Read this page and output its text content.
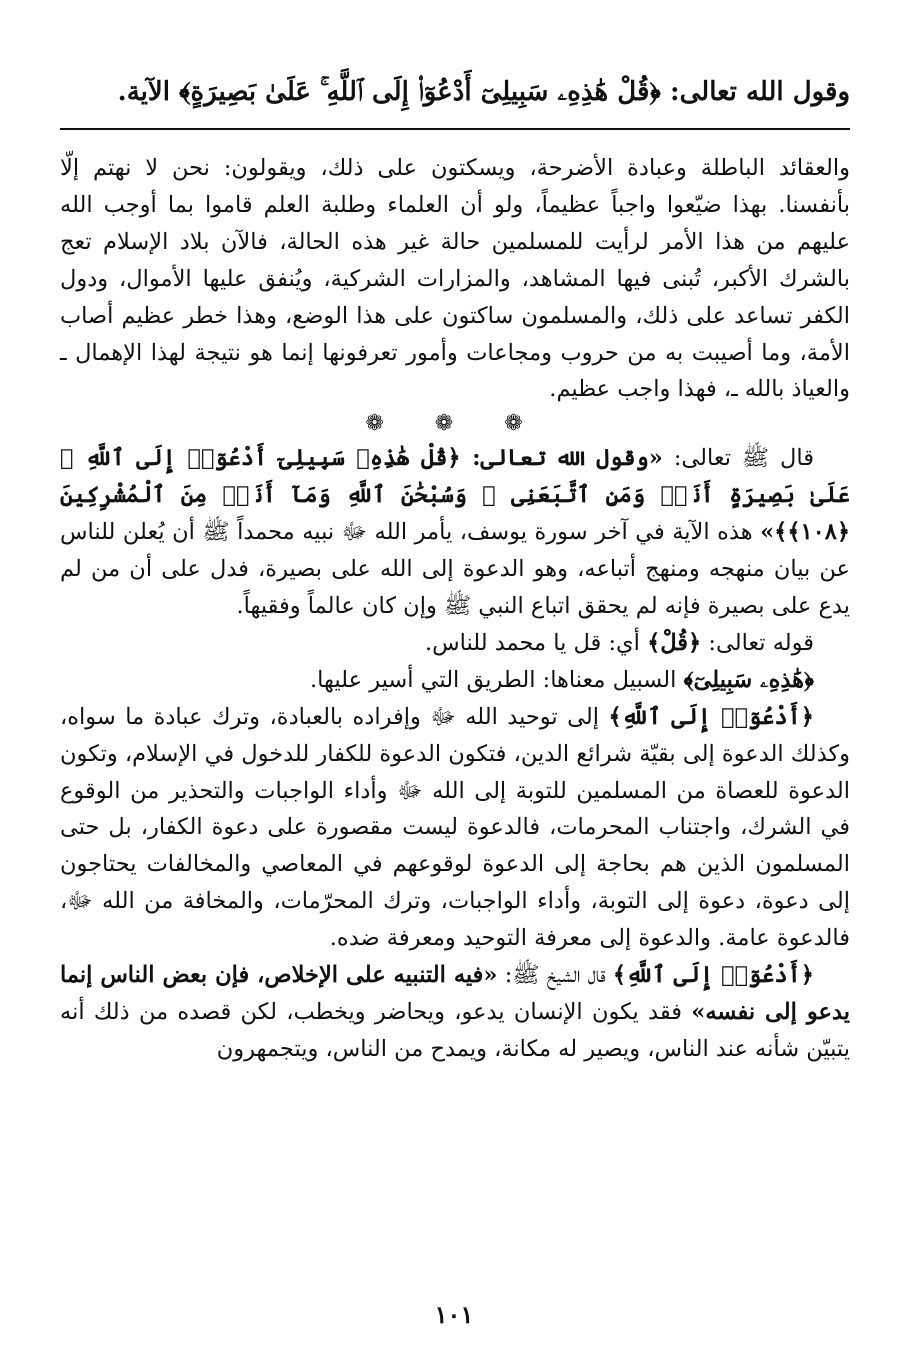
وقول الله تعالى: ﴿قُلْ هَٰذِهِۦ سَبِيلِىٓ أَدْعُوٓا۟ إِلَى ٱللَّهِ ۚ عَلَىٰ بَصِيرَةٍ﴾ الآية.

والعقائد الباطلة وعبادة الأضرحة، ويسكتون على ذلك، ويقولون: نحن لا نهتم إلّا بأنفسنا. بهذا ضيّعوا واجباً عظيماً، ولو أن العلماء وطلبة العلم قاموا بما أوجب الله عليهم من هذا الأمر لرأيت للمسلمين حالة غير هذه الحالة، فالآن بلاد الإسلام تعج بالشرك الأكبر، تُبنى فيها المشاهد، والمزارات الشركية، ويُنفق عليها الأموال، ودول الكفر تساعد على ذلك، والمسلمون ساكتون على هذا الوضع، وهذا خطر عظيم أصاب الأمة، وما أصيبت به من حروب ومجاعات وأمور تعرفونها إنما هو نتيجة لهذا الإهمال ـ والعياذ بالله ـ، فهذا واجب عظيم.

❁ ❁ ❁

قال ﷺ تعالى: «وقول الله تعالى: ﴿قُلْ هَٰذِهِۦ سَبِيلِىٓ أَدْعُوٓا۟ إِلَى ٱللَّهِ ۚ عَلَىٰ بَصِيرَةٍ أَنَا۠ وَمَنِ ٱتَّبَعَنِى ۖ وَسُبْحَٰنَ ٱللَّهِ وَمَآ أَنَا۠ مِنَ ٱلْمُشْرِكِينَ ﴿١٠٨﴾﴾» هذه الآية في آخر سورة يوسف، يأمر الله ﷻ نبيه محمداً ﷺ أن يُعلن للناس عن بيان منهجه ومنهج أتباعه، وهو الدعوة إلى الله على بصيرة، فدل على أن من لم يدع على بصيرة فإنه لم يحقق اتباع النبي ﷺ وإن كان عالماً وفقيهاً.

قوله تعالى: ﴿قُلْ﴾ أي: قل يا محمد للناس.

﴿هَٰذِهِۦ سَبِيلِىٓ﴾ السبيل معناها: الطريق التي أسير عليها.

﴿أَدْعُوٓا۟ إِلَى ٱللَّهِ﴾ إلى توحيد الله ﷻ وإفراده بالعبادة، وترك عبادة ما سواه، وكذلك الدعوة إلى بقيّة شرائع الدين، فتكون الدعوة للكفار للدخول في الإسلام، وتكون الدعوة للعصاة من المسلمين للتوبة إلى الله ﷻ وأداء الواجبات والتحذير من الوقوع في الشرك، واجتناب المحرمات، فالدعوة ليست مقصورة على دعوة الكفار، بل حتى المسلمون الذين هم بحاجة إلى الدعوة لوقوعهم في المعاصي والمخالفات يحتاجون إلى دعوة، دعوة إلى التوبة، وأداء الواجبات، وترك المحرّمات، والمخافة من الله ﷻ، فالدعوة عامة. والدعوة إلى معرفة التوحيد ومعرفة ضده.

﴿أَدْعُوٓا۟ إِلَى ٱللَّهِ﴾ قال الشيخ ﷺ: «فيه التنبيه على الإخلاص، فإن بعض الناس إنما يدعو إلى نفسه» فقد يكون الإنسان يدعو، ويحاضر ويخطب، لكن قصده من ذلك أنه يتبيّن شأنه عند الناس، ويصير له مكانة، ويمدح من الناس، ويتجمهرون

١٠١
